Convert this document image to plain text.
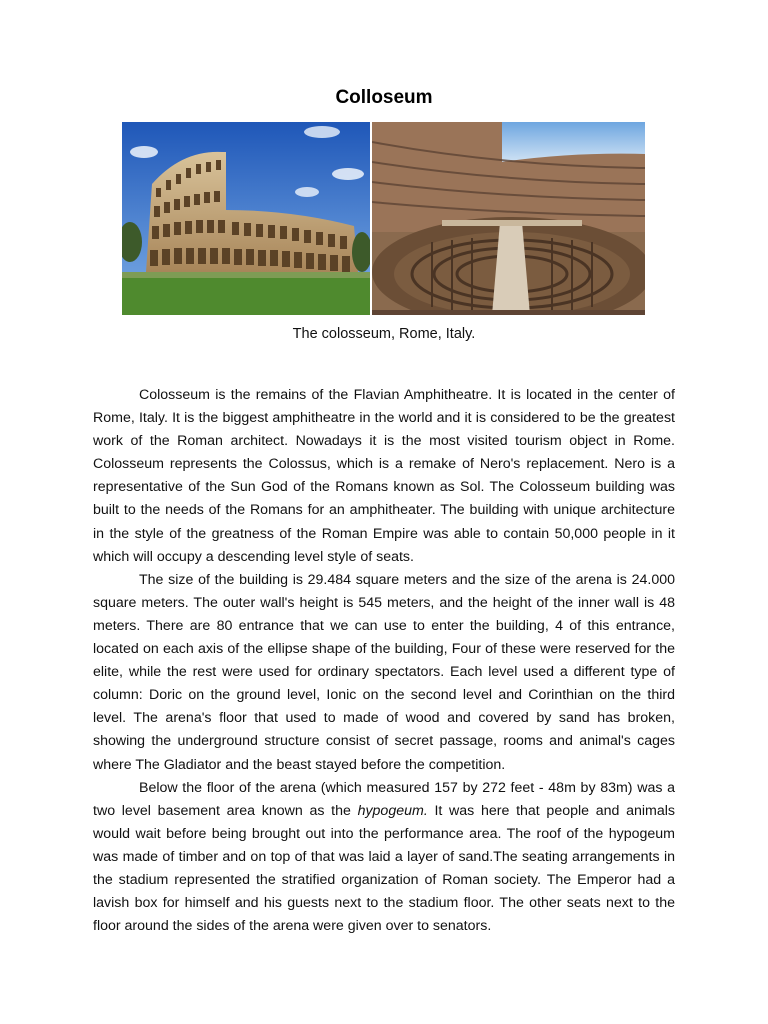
Colloseum
The colosseum, Rome, Italy.

Colosseum is the remains of the Flavian Amphitheatre. It is located in the center of Rome, Italy. It is the biggest amphitheatre in the world and it is considered to be the greatest work of the Roman architect. Nowadays it is the most visited tourism object in Rome. Colosseum represents the Colossus, which is a remake of Nero's replacement. Nero is a representative of the Sun God of the Romans known as Sol. The Colosseum building was built to the needs of the Romans for an amphitheater. The building with unique architecture in the style of the greatness of the Roman Empire was able to contain 50,000 people in it which will occupy a descending level style of seats.

The size of the building is 29.484 square meters and the size of the arena is 24.000 square meters. The outer wall's height is 545 meters, and the height of the inner wall is 48 meters. There are 80 entrance that we can use to enter the building, 4 of this entrance, located on each axis of the ellipse shape of the building, Four of these were reserved for the elite, while the rest were used for ordinary spectators. Each level used a different type of column: Doric on the ground level, Ionic on the second level and Corinthian on the third level. The arena's floor that used to made of wood and covered by sand has broken, showing the underground structure consist of secret passage, rooms and animal's cages where The Gladiator and the beast stayed before the competition.

Below the floor of the arena (which measured 157 by 272 feet - 48m by 83m) was a two level basement area known as the hypogeum. It was here that people and animals would wait before being brought out into the performance area. The roof of the hypogeum was made of timber and on top of that was laid a layer of sand.The seating arrangements in the stadium represented the stratified organization of Roman society. The Emperor had a lavish box for himself and his guests next to the stadium floor. The other seats next to the floor around the sides of the arena were given over to senators.
